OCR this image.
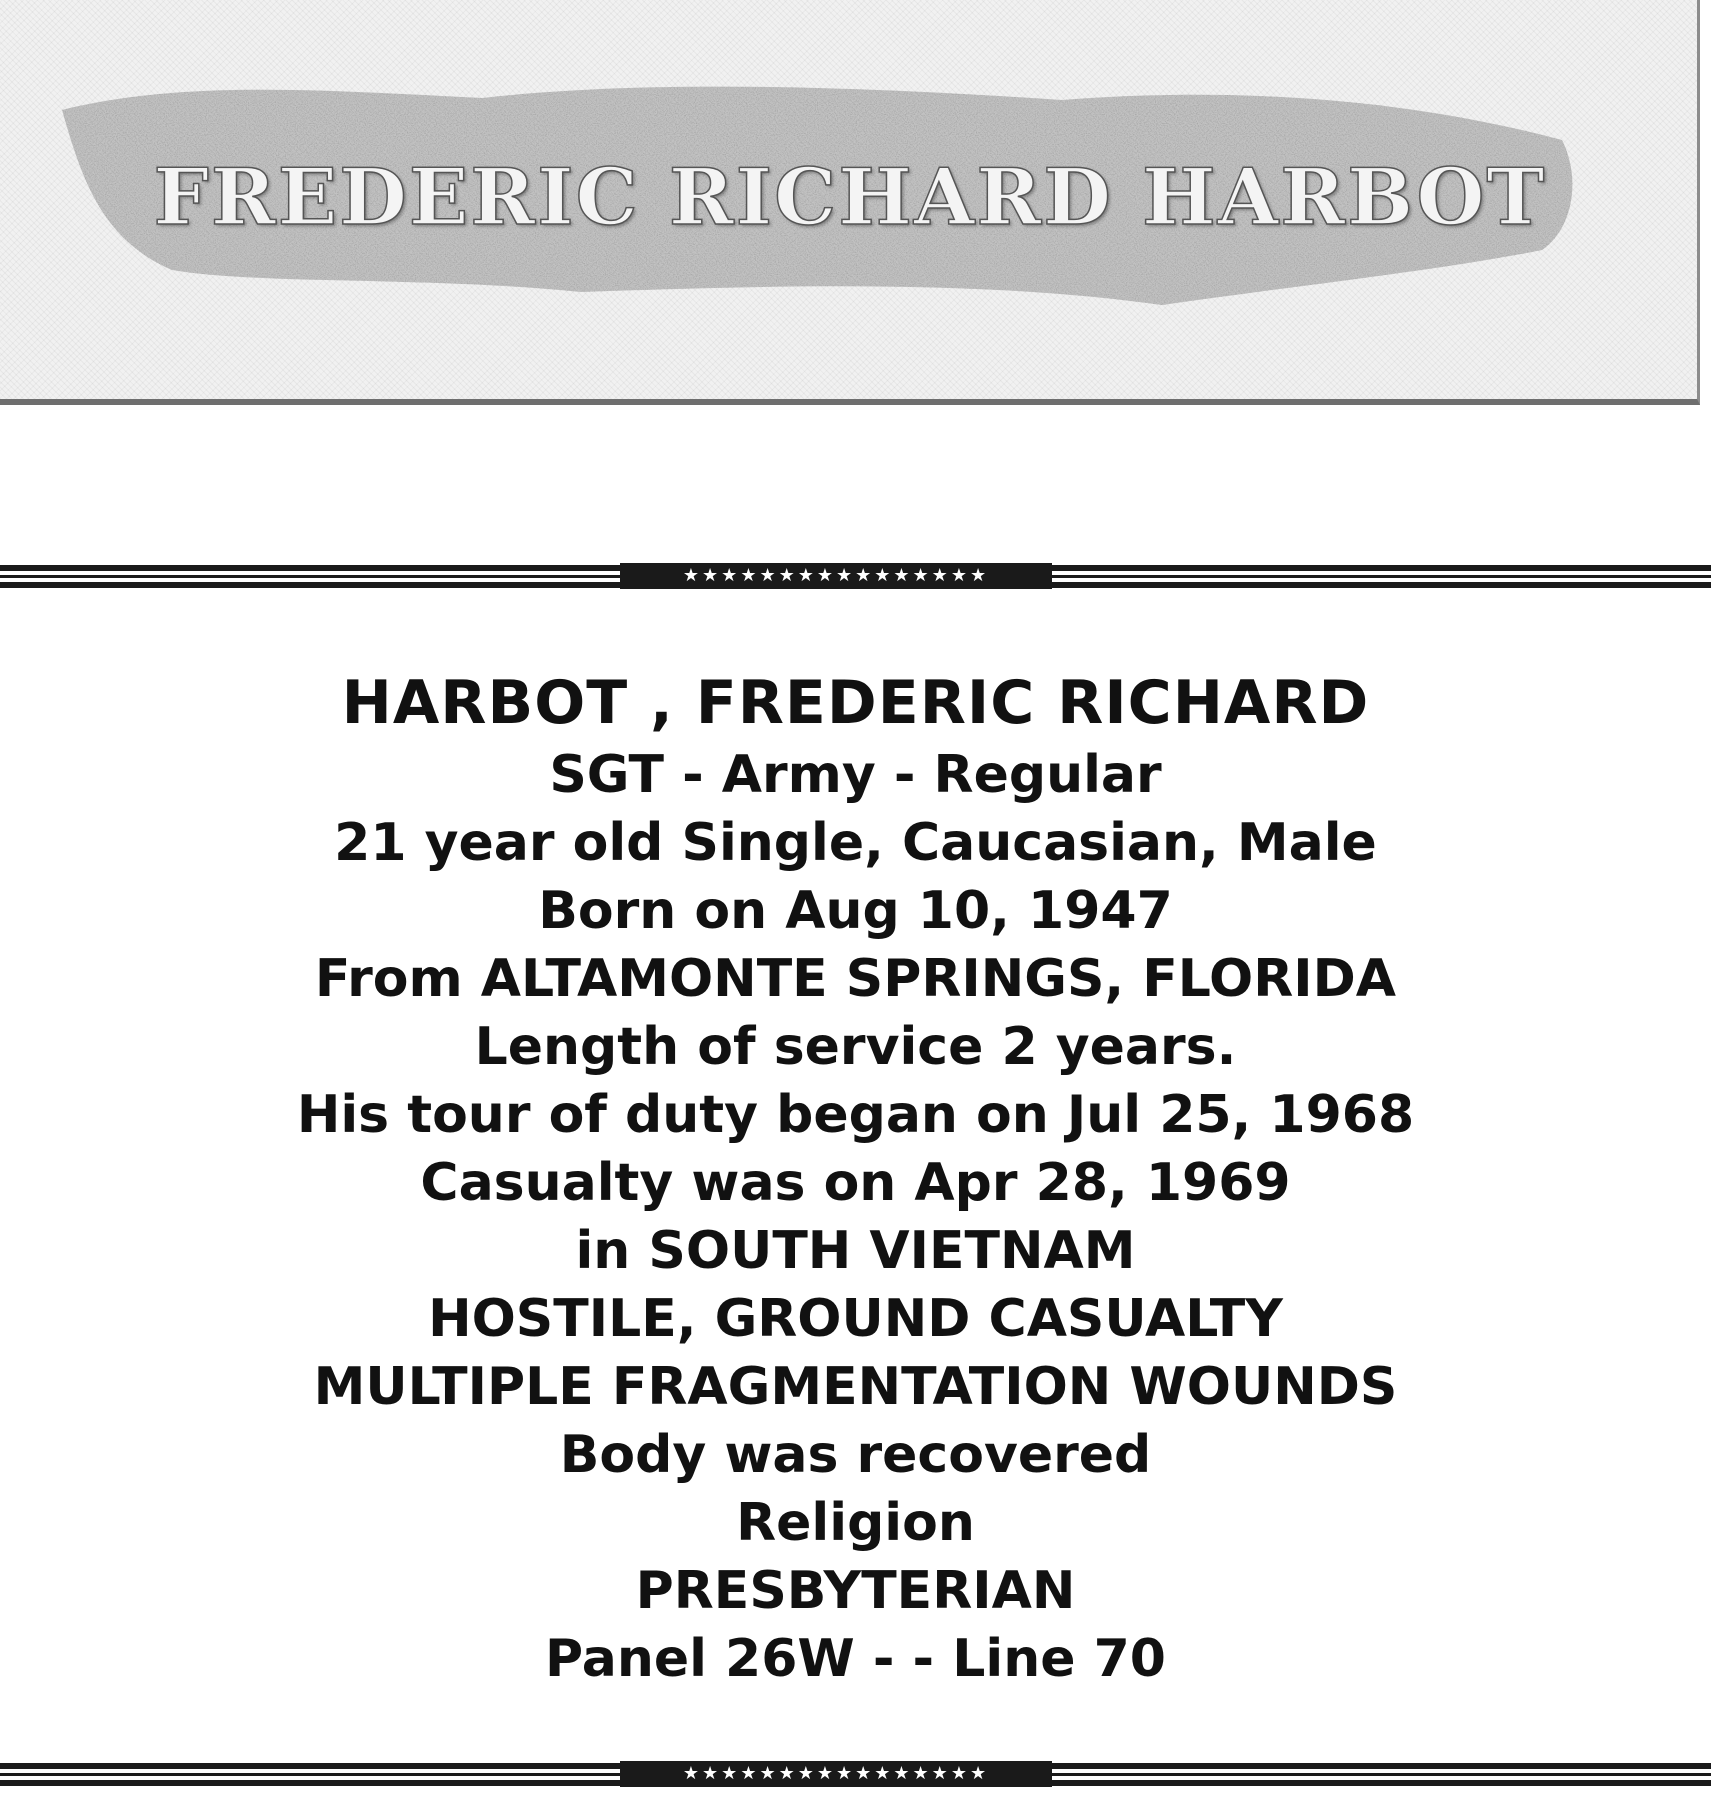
FREDERIC RICHARD HARBOT
★★★★★★★★★★★★★★★★
HARBOT , FREDERIC RICHARD
SGT - Army - Regular
21 year old Single, Caucasian, Male
Born on Aug 10, 1947
From ALTAMONTE SPRINGS, FLORIDA
Length of service 2 years.
His tour of duty began on Jul 25, 1968
Casualty was on Apr 28, 1969
in SOUTH VIETNAM
HOSTILE, GROUND CASUALTY
MULTIPLE FRAGMENTATION WOUNDS
Body was recovered
Religion
PRESBYTERIAN
Panel 26W - - Line 70
★★★★★★★★★★★★★★★★
